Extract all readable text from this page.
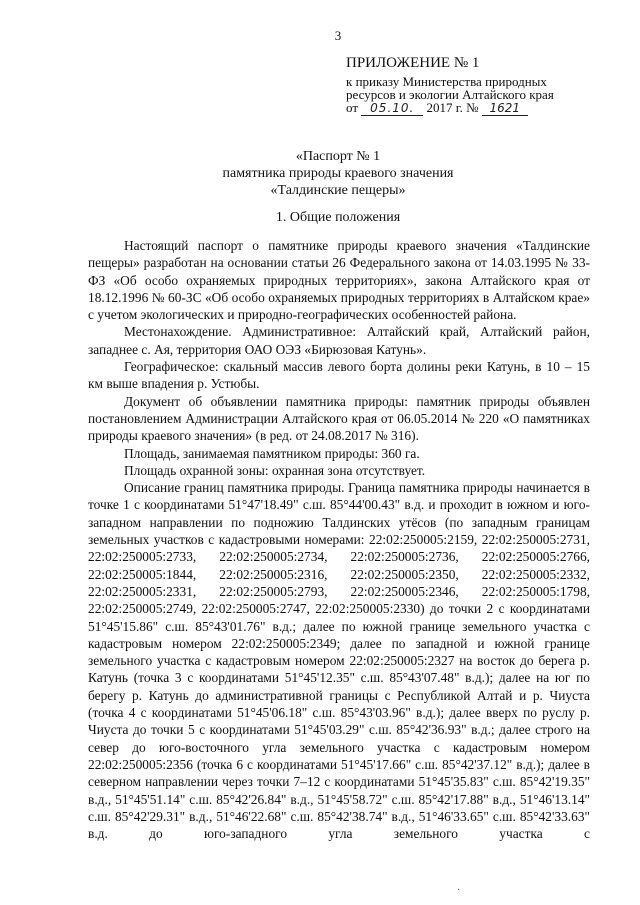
3
ПРИЛОЖЕНИЕ № 1
к приказу Министерства природных
ресурсов и экологии Алтайского края
от 05.10. 2017 г. № 1621
«Паспорт № 1
памятника природы краевого значения
«Талдинские пещеры»
1. Общие положения

Настоящий паспорт о памятнике природы краевого значения «Талдинские пещеры» разработан на основании статьи 26 Федерального закона от 14.03.1995 № 33-ФЗ «Об особо охраняемых природных территориях», закона Алтайского края от 18.12.1996 № 60-ЗС «Об особо охраняемых природных территориях в Алтайском крае» с учетом экологических и природно-географических особенностей района.

Местонахождение. Административное: Алтайский край, Алтайский район, западнее с. Ая, территория ОАО ОЭЗ «Бирюзовая Катунь».

Географическое: скальный массив левого борта долины реки Катунь, в 10 – 15 км выше впадения р. Устюбы.

Документ об объявлении памятника природы: памятник природы объявлен постановлением Администрации Алтайского края от 06.05.2014 № 220 «О памятниках природы краевого значения» (в ред. от 24.08.2017 № 316).

Площадь, занимаемая памятником природы: 360 га.

Площадь охранной зоны: охранная зона отсутствует.

Описание границ памятника природы. Граница памятника природы начинается в точке 1 с координатами 51°47'18.49" с.ш. 85°44'00.43" в.д. и проходит в южном и юго-западном направлении по подножию Талдинских утёсов (по западным границам земельных участков с кадастровыми номерами: 22:02:250005:2159, 22:02:250005:2731, 22:02:250005:2733, 22:02:250005:2734, 22:02:250005:2736, 22:02:250005:2766, 22:02:250005:1844, 22:02:250005:2316, 22:02:250005:2350, 22:02:250005:2332, 22:02:250005:2331, 22:02:250005:2793, 22:02:250005:2346, 22:02:250005:1798, 22:02:250005:2749, 22:02:250005:2747, 22:02:250005:2330) до точки 2 с координатами 51°45'15.86" с.ш. 85°43'01.76" в.д.; далее по южной границе земельного участка с кадастровым номером 22:02:250005:2349; далее по западной и южной границе земельного участка с кадастровым номером 22:02:250005:2327 на восток до берега р. Катунь (точка 3 с координатами 51°45'12.35" с.ш. 85°43'07.48" в.д.); далее на юг по берегу р. Катунь до административной границы с Республикой Алтай и р. Чиуста (точка 4 с координатами 51°45'06.18" с.ш. 85°43'03.96" в.д.); далее вверх по руслу р. Чиуста до точки 5 с координатами 51°45'03.29" с.ш. 85°42'36.93" в.д.; далее строго на север до юго-восточного угла земельного участка с кадастровым номером 22:02:250005:2356 (точка 6 с координатами 51°45'17.66" с.ш. 85°42'37.12" в.д.); далее в северном направлении через точки 7–12 с координатами 51°45'35.83" с.ш. 85°42'19.35" в.д., 51°45'51.14" с.ш. 85°42'26.84" в.д., 51°45'58.72" с.ш. 85°42'17.88" в.д., 51°46'13.14" с.ш. 85°42'29.31" в.д., 51°46'22.68" с.ш. 85°42'38.74" в.д., 51°46'33.65" с.ш. 85°42'33.63" в.д. до юго-западного угла земельного участка с

·
